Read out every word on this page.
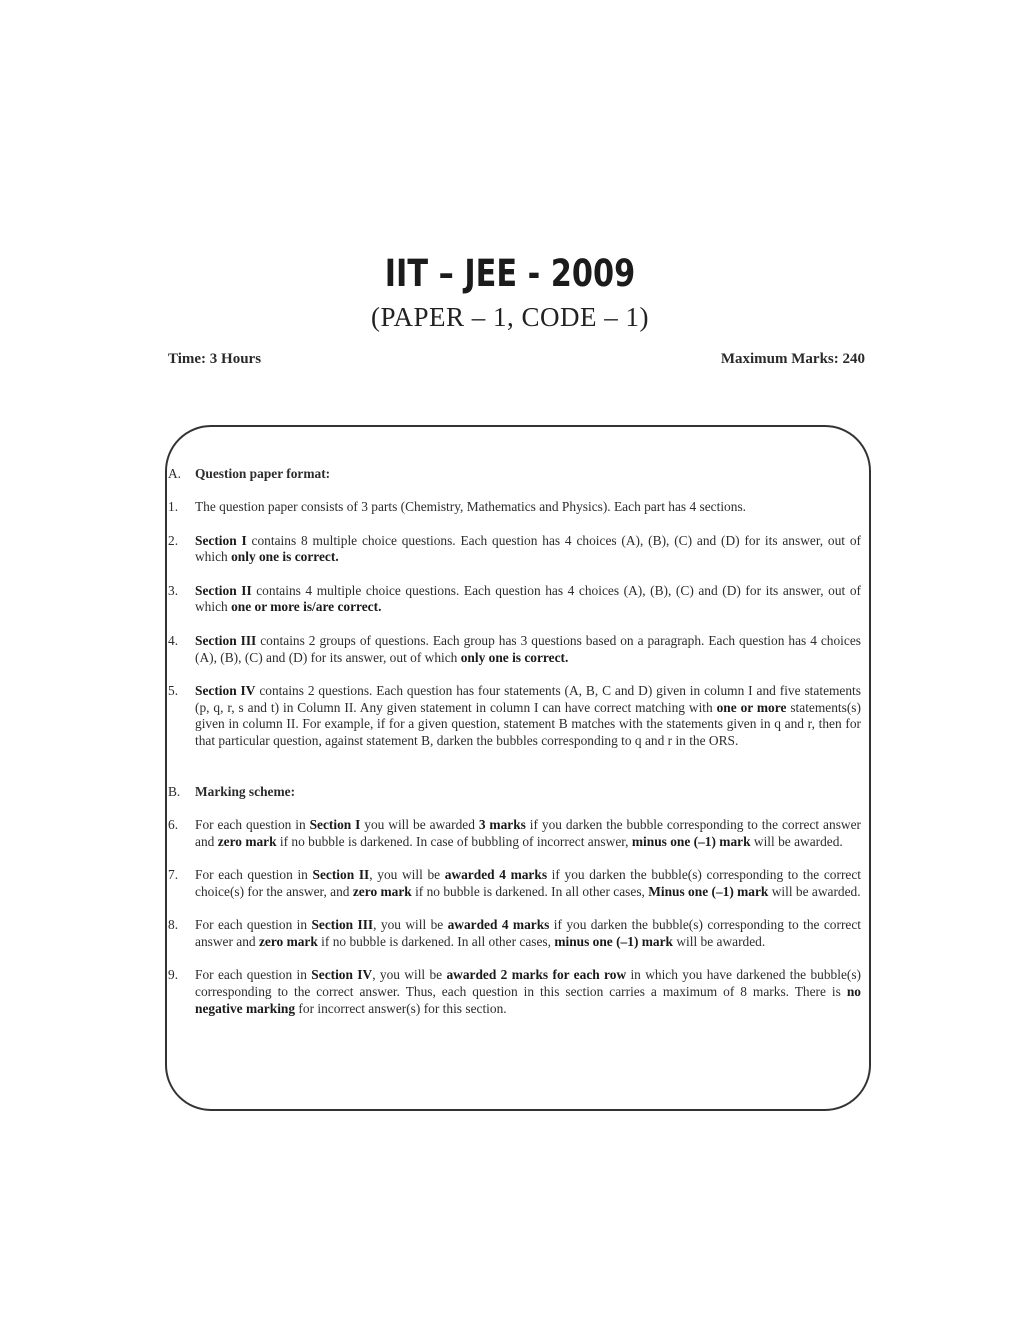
IIT – JEE - 2009
(PAPER – 1, CODE – 1)
Time: 3 Hours	Maximum Marks: 240
A.	Question paper format:
1.	The question paper consists of 3 parts (Chemistry, Mathematics and Physics). Each part has 4 sections.
2.	Section I contains 8 multiple choice questions. Each question has 4 choices (A), (B), (C) and (D) for its answer, out of which only one is correct.
3.	Section II contains 4 multiple choice questions. Each question has 4 choices (A), (B), (C) and (D) for its answer, out of which one or more is/are correct.
4.	Section III contains 2 groups of questions. Each group has 3 questions based on a paragraph. Each question has 4 choices (A), (B), (C) and (D) for its answer, out of which only one is correct.
5.	Section IV contains 2 questions. Each question has four statements (A, B, C and D) given in column I and five statements (p, q, r, s and t) in Column II. Any given statement in column I can have correct matching with one or more statements(s) given in column II. For example, if for a given question, statement B matches with the statements given in q and r, then for that particular question, against statement B, darken the bubbles corresponding to q and r in the ORS.
B.	Marking scheme:
6.	For each question in Section I you will be awarded 3 marks if you darken the bubble corresponding to the correct answer and zero mark if no bubble is darkened. In case of bubbling of incorrect answer, minus one (–1) mark will be awarded.
7.	For each question in Section II, you will be awarded 4 marks if you darken the bubble(s) corresponding to the correct choice(s) for the answer, and zero mark if no bubble is darkened. In all other cases, Minus one (–1) mark will be awarded.
8.	For each question in Section III, you will be awarded 4 marks if you darken the bubble(s) corresponding to the correct answer and zero mark if no bubble is darkened. In all other cases, minus one (–1) mark will be awarded.
9.	For each question in Section IV, you will be awarded 2 marks for each row in which you have darkened the bubble(s) corresponding to the correct answer. Thus, each question in this section carries a maximum of 8 marks. There is no negative marking for incorrect answer(s) for this section.
